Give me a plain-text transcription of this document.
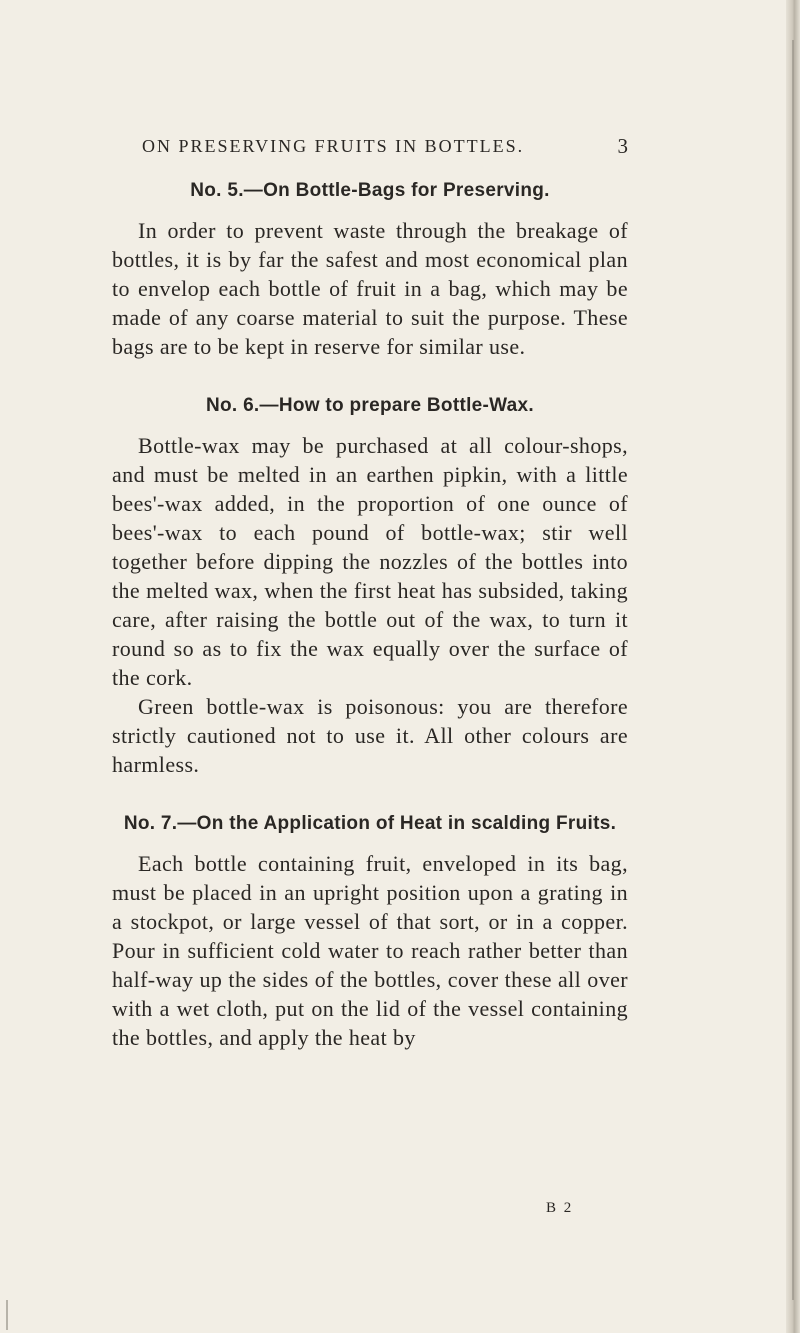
ON PRESERVING FRUITS IN BOTTLES.	3
No. 5.—On Bottle-Bags for Preserving.

In order to prevent waste through the breakage of bottles, it is by far the safest and most economical plan to envelop each bottle of fruit in a bag, which may be made of any coarse material to suit the purpose. These bags are to be kept in reserve for similar use.

No. 6.—How to prepare Bottle-Wax.

Bottle-wax may be purchased at all colour-shops, and must be melted in an earthen pipkin, with a little bees'-wax added, in the proportion of one ounce of bees'-wax to each pound of bottle-wax; stir well together before dipping the nozzles of the bottles into the melted wax, when the first heat has subsided, taking care, after raising the bottle out of the wax, to turn it round so as to fix the wax equally over the surface of the cork.

Green bottle-wax is poisonous: you are therefore strictly cautioned not to use it. All other colours are harmless.

No. 7.—On the Application of Heat in scalding Fruits.

Each bottle containing fruit, enveloped in its bag, must be placed in an upright position upon a grating in a stockpot, or large vessel of that sort, or in a copper. Pour in sufficient cold water to reach rather better than half-way up the sides of the bottles, cover these all over with a wet cloth, put on the lid of the vessel containing the bottles, and apply the heat by

B 2
